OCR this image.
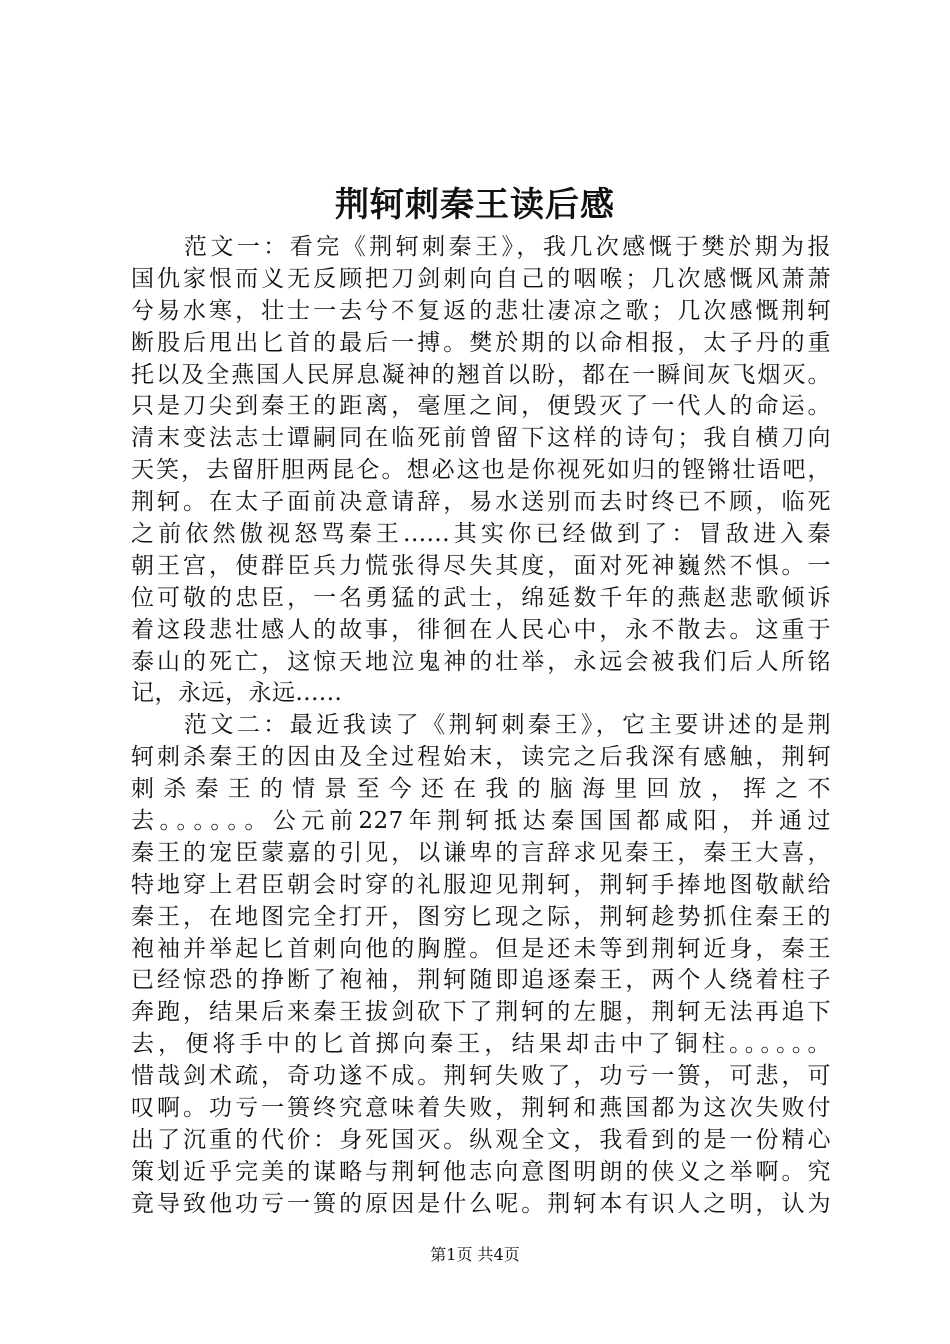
荆轲刺秦王读后感
　　范文一：看完《荆轲刺秦王》，我几次感慨于樊於期为报
国仇家恨而义无反顾把刀剑刺向自己的咽喉；几次感慨风萧萧
兮易水寒，壮士一去兮不复返的悲壮凄凉之歌；几次感慨荆轲
断股后甩出匕首的最后一搏。樊於期的以命相报，太子丹的重
托以及全燕国人民屏息凝神的翘首以盼，都在一瞬间灰飞烟灭。
只是刀尖到秦王的距离，毫厘之间，便毁灭了一代人的命运。
清末变法志士谭嗣同在临死前曾留下这样的诗句；我自横刀向
天笑，去留肝胆两昆仑。想必这也是你视死如归的铿锵壮语吧，
荆轲。在太子面前决意请辞，易水送别而去时终已不顾，临死
之前依然傲视怒骂秦王......其实你已经做到了：冒敌进入秦
朝王宫，使群臣兵力慌张得尽失其度，面对死神巍然不惧。一
位可敬的忠臣，一名勇猛的武士，绵延数千年的燕赵悲歌倾诉
着这段悲壮感人的故事，徘徊在人民心中，永不散去。这重于
泰山的死亡，这惊天地泣鬼神的壮举，永远会被我们后人所铭
记，永远，永远......
　　范文二：最近我读了《荆轲刺秦王》，它主要讲述的是荆
轲刺杀秦王的因由及全过程始末，读完之后我深有感触，荆轲
刺杀秦王的情景至今还在我的脑海里回放，挥之不
去。。。。。。公元前227年荆轲抵达秦国国都咸阳，并通过
秦王的宠臣蒙嘉的引见，以谦卑的言辞求见秦王，秦王大喜，
特地穿上君臣朝会时穿的礼服迎见荆轲，荆轲手捧地图敬献给
秦王，在地图完全打开，图穷匕现之际，荆轲趁势抓住秦王的
袍袖并举起匕首刺向他的胸膛。但是还未等到荆轲近身，秦王
已经惊恐的挣断了袍袖，荆轲随即追逐秦王，两个人绕着柱子
奔跑，结果后来秦王拔剑砍下了荆轲的左腿，荆轲无法再追下
去，便将手中的匕首掷向秦王，结果却击中了铜柱。。。。。。
惜哉剑术疏，奇功遂不成。荆轲失败了，功亏一篑，可悲，可
叹啊。功亏一篑终究意味着失败，荆轲和燕国都为这次失败付
出了沉重的代价：身死国灭。纵观全文，我看到的是一份精心
策划近乎完美的谋略与荆轲他志向意图明朗的侠义之举啊。究
竟导致他功亏一篑的原因是什么呢。荆轲本有识人之明，认为
第1页 共4页
